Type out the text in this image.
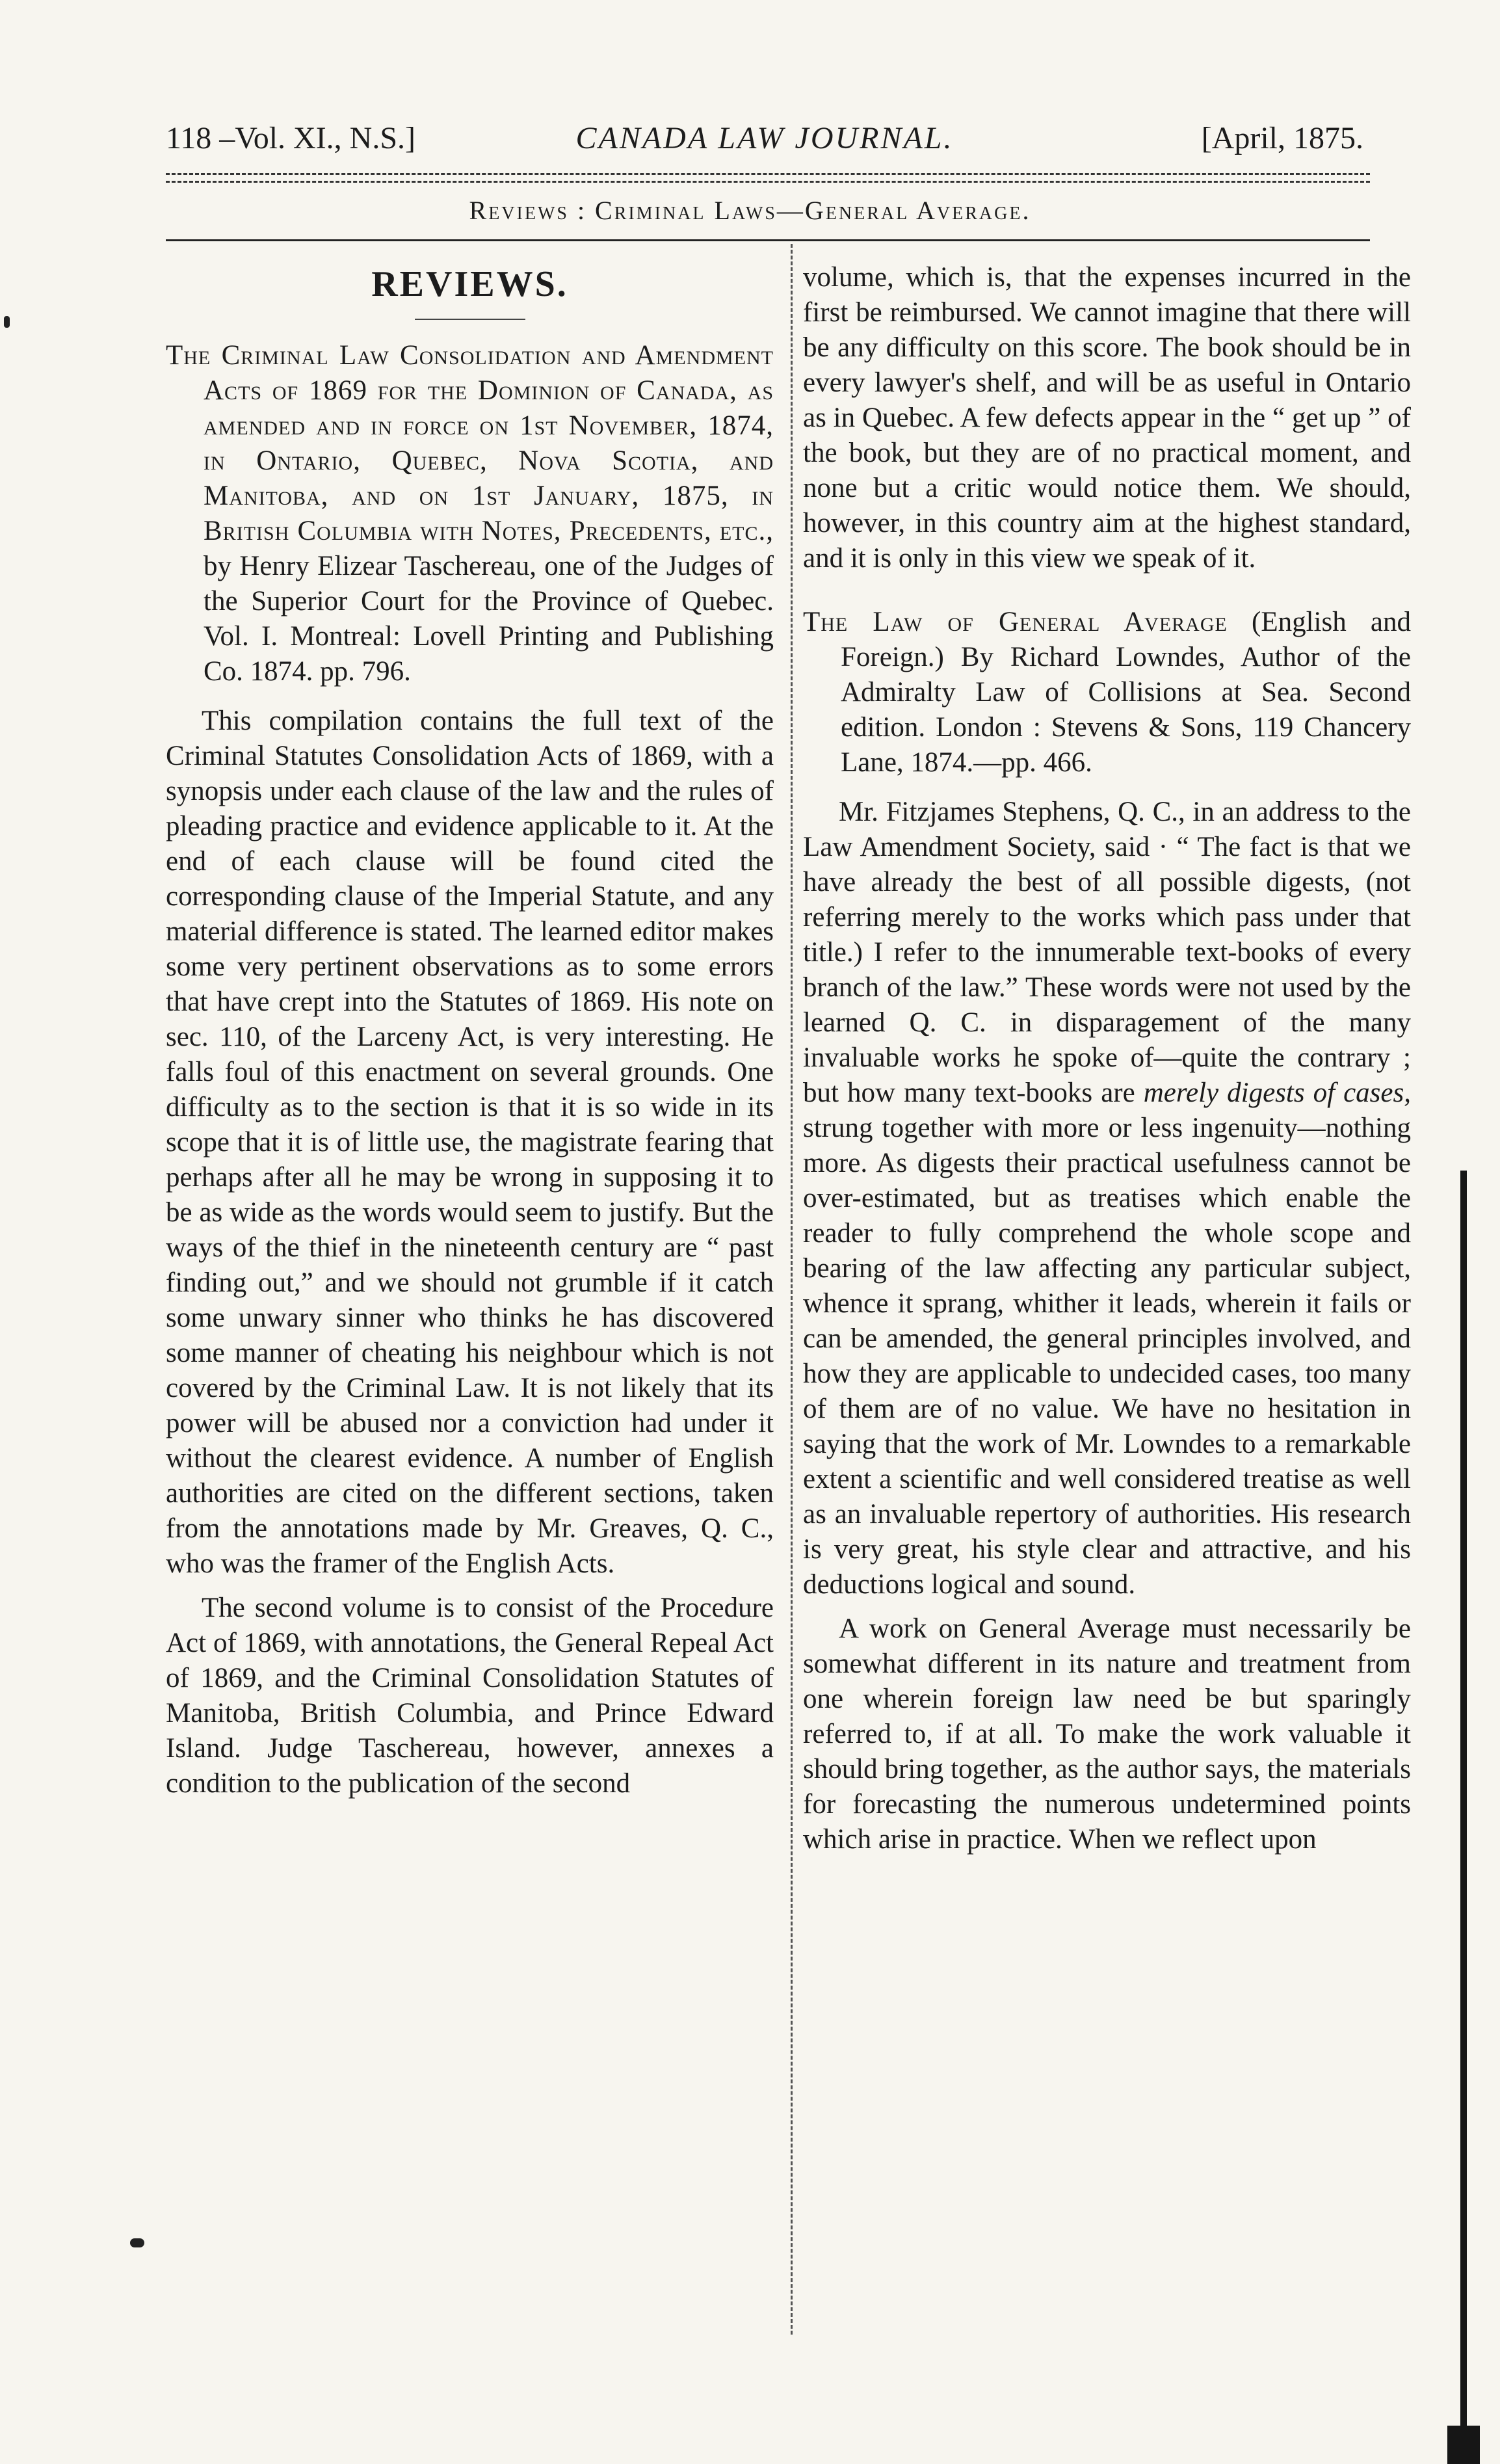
118 –Vol. XI., N.S.]	CANADA LAW JOURNAL.	[April, 1875.
Reviews : Criminal Laws—General Average.
REVIEWS.

The Criminal Law Consolidation and Amendment Acts of 1869 for the Dominion of Canada, as amended and in force on 1st November, 1874, in Ontario, Quebec, Nova Scotia, and Manitoba, and on 1st January, 1875, in British Columbia with Notes, Precedents, etc., by Henry Elizear Taschereau, one of the Judges of the Superior Court for the Province of Quebec. Vol. I. Montreal: Lovell Printing and Publishing Co. 1874. pp. 796.

This compilation contains the full text of the Criminal Statutes Consolidation Acts of 1869, with a synopsis under each clause of the law and the rules of pleading practice and evidence applicable to it. At the end of each clause will be found cited the corresponding clause of the Imperial Statute, and any material difference is stated. The learned editor makes some very pertinent observations as to some errors that have crept into the Statutes of 1869. His note on sec. 110, of the Larceny Act, is very interesting. He falls foul of this enactment on several grounds. One difficulty as to the section is that it is so wide in its scope that it is of little use, the magistrate fearing that perhaps after all he may be wrong in supposing it to be as wide as the words would seem to justify. But the ways of the thief in the nineteenth century are “ past finding out,” and we should not grumble if it catch some unwary sinner who thinks he has discovered some manner of cheating his neighbour which is not covered by the Criminal Law. It is not likely that its power will be abused nor a conviction had under it without the clearest evidence. A number of English authorities are cited on the different sections, taken from the annotations made by Mr. Greaves, Q. C., who was the framer of the English Acts.

The second volume is to consist of the Procedure Act of 1869, with annotations, the General Repeal Act of 1869, and the Criminal Consolidation Statutes of Manitoba, British Columbia, and Prince Edward Island. Judge Taschereau, however, annexes a condition to the publication of the second

volume, which is, that the expenses incurred in the first be reimbursed. We cannot imagine that there will be any difficulty on this score. The book should be in every lawyer's shelf, and will be as useful in Ontario as in Quebec. A few defects appear in the “ get up ” of the book, but they are of no practical moment, and none but a critic would notice them. We should, however, in this country aim at the highest standard, and it is only in this view we speak of it.

The Law of General Average (English and Foreign.) By Richard Lowndes, Author of the Admiralty Law of Collisions at Sea. Second edition. London : Stevens & Sons, 119 Chancery Lane, 1874.—pp. 466.

Mr. Fitzjames Stephens, Q. C., in an address to the Law Amendment Society, said · “ The fact is that we have already the best of all possible digests, (not referring merely to the works which pass under that title.) I refer to the innumerable text-books of every branch of the law.” These words were not used by the learned Q. C. in disparagement of the many invaluable works he spoke of—quite the contrary ; but how many text-books are merely digests of cases, strung together with more or less ingenuity—nothing more. As digests their practical usefulness cannot be over-estimated, but as treatises which enable the reader to fully comprehend the whole scope and bearing of the law affecting any particular subject, whence it sprang, whither it leads, wherein it fails or can be amended, the general principles involved, and how they are applicable to undecided cases, too many of them are of no value. We have no hesitation in saying that the work of Mr. Lowndes to a remarkable extent a scientific and well considered treatise as well as an invaluable repertory of authorities. His research is very great, his style clear and attractive, and his deductions logical and sound.

A work on General Average must necessarily be somewhat different in its nature and treatment from one wherein foreign law need be but sparingly referred to, if at all. To make the work valuable it should bring together, as the author says, the materials for forecasting the numerous undetermined points which arise in practice. When we reflect upon
